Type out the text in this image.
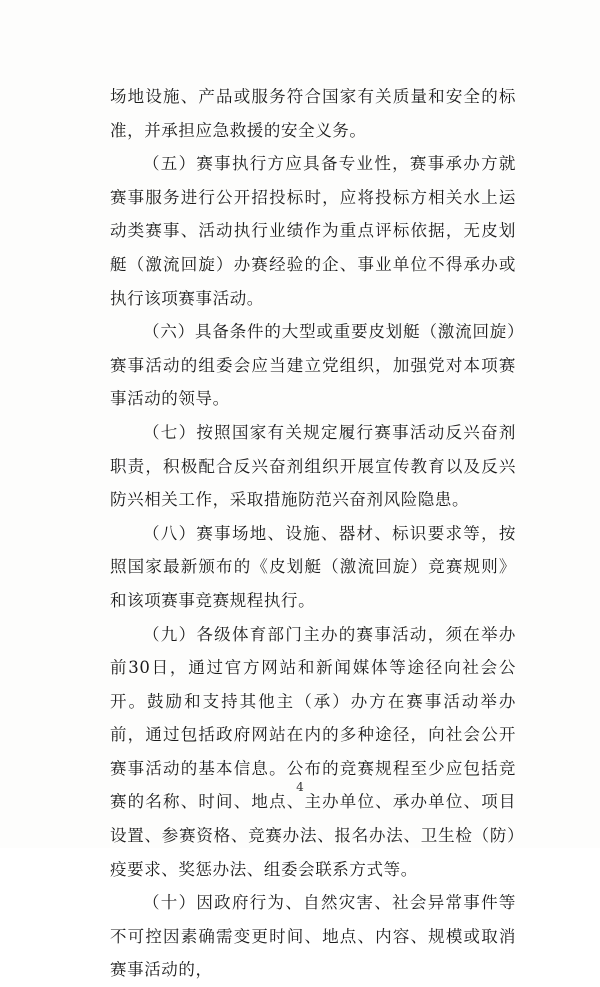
场地设施、产品或服务符合国家有关质量和安全的标准，并承担应急救援的安全义务。

（五）赛事执行方应具备专业性，赛事承办方就赛事服务进行公开招投标时，应将投标方相关水上运动类赛事、活动执行业绩作为重点评标依据，无皮划艇（激流回旋）办赛经验的企、事业单位不得承办或执行该项赛事活动。

（六）具备条件的大型或重要皮划艇（激流回旋）赛事活动的组委会应当建立党组织，加强党对本项赛事活动的领导。

（七）按照国家有关规定履行赛事活动反兴奋剂职责，积极配合反兴奋剂组织开展宣传教育以及反兴防兴相关工作，采取措施防范兴奋剂风险隐患。

（八）赛事场地、设施、器材、标识要求等，按照国家最新颁布的《皮划艇（激流回旋）竞赛规则》和该项赛事竞赛规程执行。

（九）各级体育部门主办的赛事活动，须在举办前30日，通过官方网站和新闻媒体等途径向社会公开。鼓励和支持其他主（承）办方在赛事活动举办前，通过包括政府网站在内的多种途径，向社会公开赛事活动的基本信息。公布的竞赛规程至少应包括竞赛的名称、时间、地点、主办单位、承办单位、项目设置、参赛资格、竞赛办法、报名办法、卫生检（防）疫要求、奖惩办法、组委会联系方式等。

（十）因政府行为、自然灾害、社会异常事件等不可控因素确需变更时间、地点、内容、规模或取消赛事活动的，

4
